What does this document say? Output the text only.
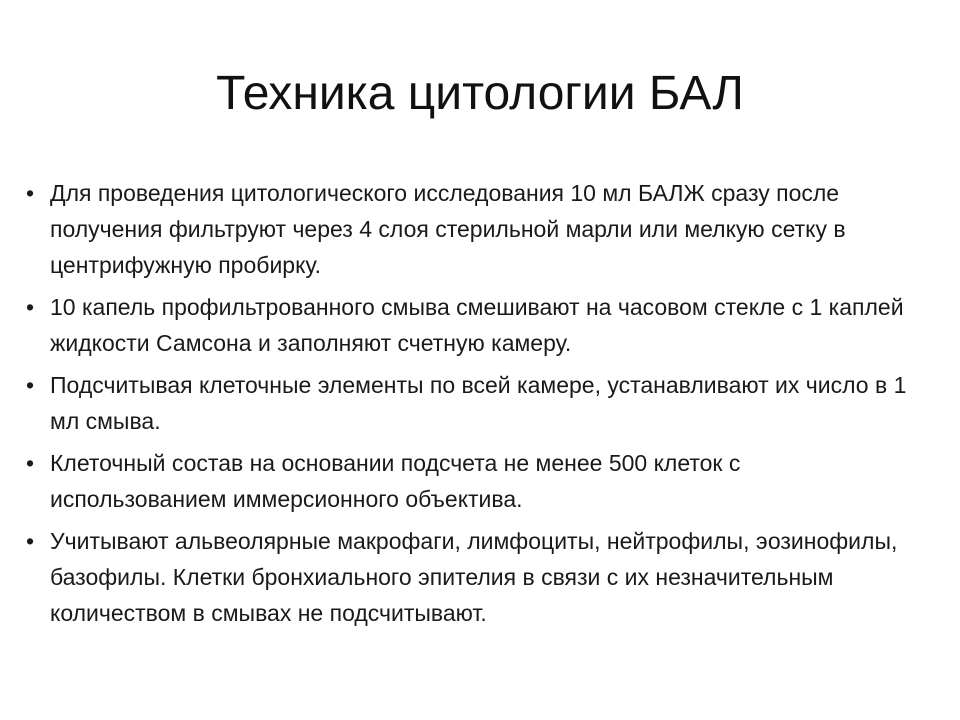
Техника цитологии БАЛ
• Для проведения цитологического исследования 10 мл БАЛЖ сразу после получения фильтруют через 4 слоя стерильной марли или мелкую сетку в центрифужную пробирку.
• 10 капель профильтрованного смыва смешивают на часовом стекле с 1 каплей жидкости Самсона и заполняют счетную камеру.
• Подсчитывая клеточные элементы по всей камере, устанавливают их число в 1 мл смыва.
• Клеточный состав на основании подсчета не менее 500 клеток с использованием иммерсионного объектива.
• Учитывают альвеолярные макрофаги, лимфоциты, нейтрофилы, эозинофилы, базофилы. Клетки бронхиального эпителия в связи с их незначительным количеством в смывах не подсчитывают.
